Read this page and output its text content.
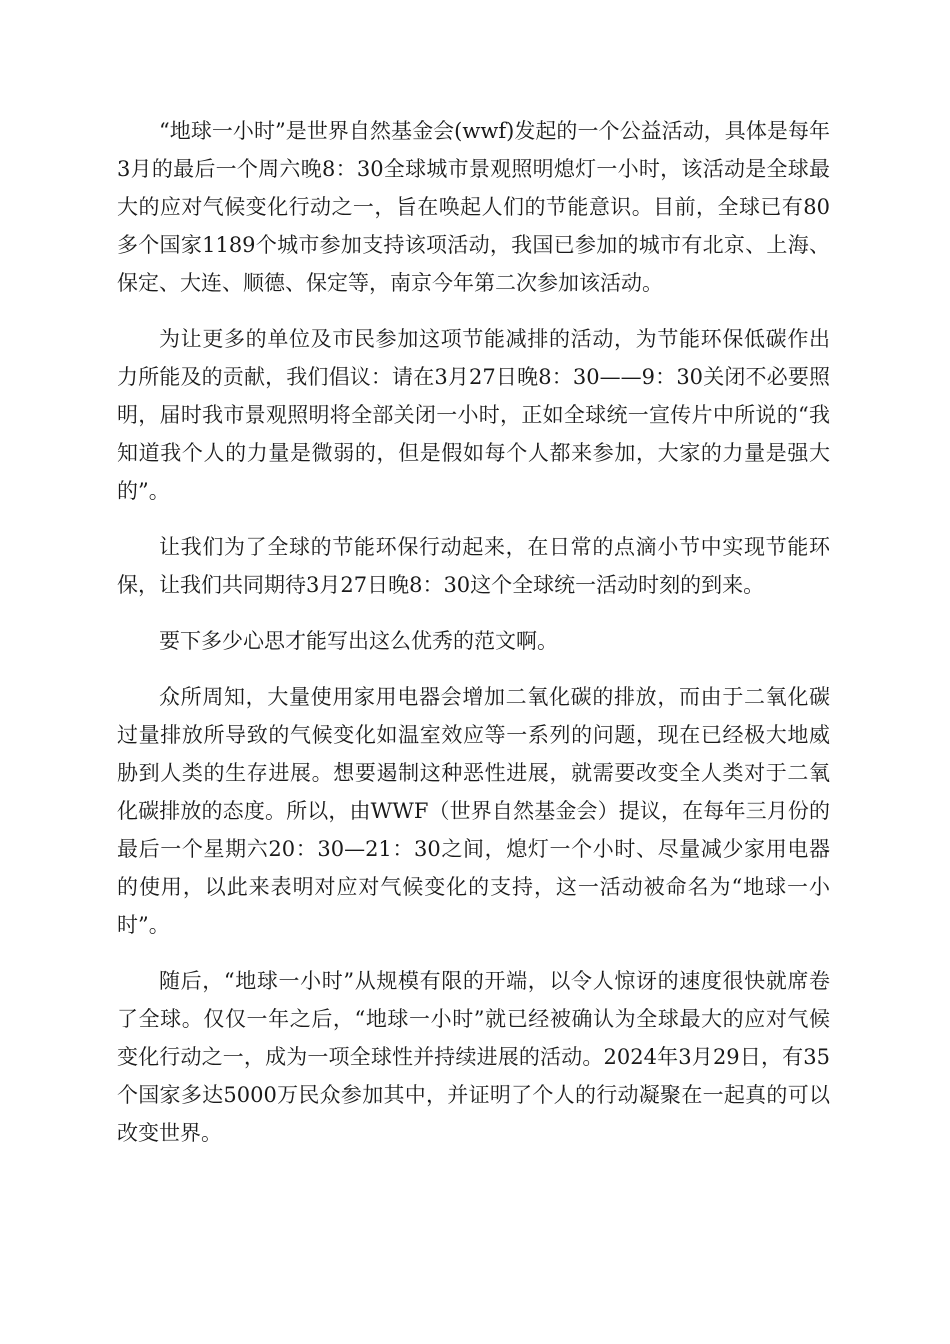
“地球一小时”是世界自然基金会(wwf)发起的一个公益活动，具体是每年3月的最后一个周六晚8：30全球城市景观照明熄灯一小时，该活动是全球最大的应对气候变化行动之一，旨在唤起人们的节能意识。目前，全球已有80多个国家1189个城市参加支持该项活动，我国已参加的城市有北京、上海、保定、大连、顺德、保定等，南京今年第二次参加该活动。

为让更多的单位及市民参加这项节能减排的活动，为节能环保低碳作出力所能及的贡献，我们倡议：请在3月27日晚8：30——9：30关闭不必要照明，届时我市景观照明将全部关闭一小时，正如全球统一宣传片中所说的“我知道我个人的力量是微弱的，但是假如每个人都来参加，大家的力量是强大的”。

让我们为了全球的节能环保行动起来，在日常的点滴小节中实现节能环保，让我们共同期待3月27日晚8：30这个全球统一活动时刻的到来。

要下多少心思才能写出这么优秀的范文啊。

众所周知，大量使用家用电器会增加二氧化碳的排放，而由于二氧化碳过量排放所导致的气候变化如温室效应等一系列的问题，现在已经极大地威胁到人类的生存进展。想要遏制这种恶性进展，就需要改变全人类对于二氧化碳排放的态度。所以，由WWF（世界自然基金会）提议，在每年三月份的最后一个星期六20：30—21：30之间，熄灯一个小时、尽量减少家用电器的使用，以此来表明对应对气候变化的支持，这一活动被命名为“地球一小时”。

随后，“地球一小时”从规模有限的开端，以令人惊讶的速度很快就席卷了全球。仅仅一年之后，“地球一小时”就已经被确认为全球最大的应对气候变化行动之一，成为一项全球性并持续进展的活动。2024年3月29日，有35个国家多达5000万民众参加其中，并证明了个人的行动凝聚在一起真的可以改变世界。
